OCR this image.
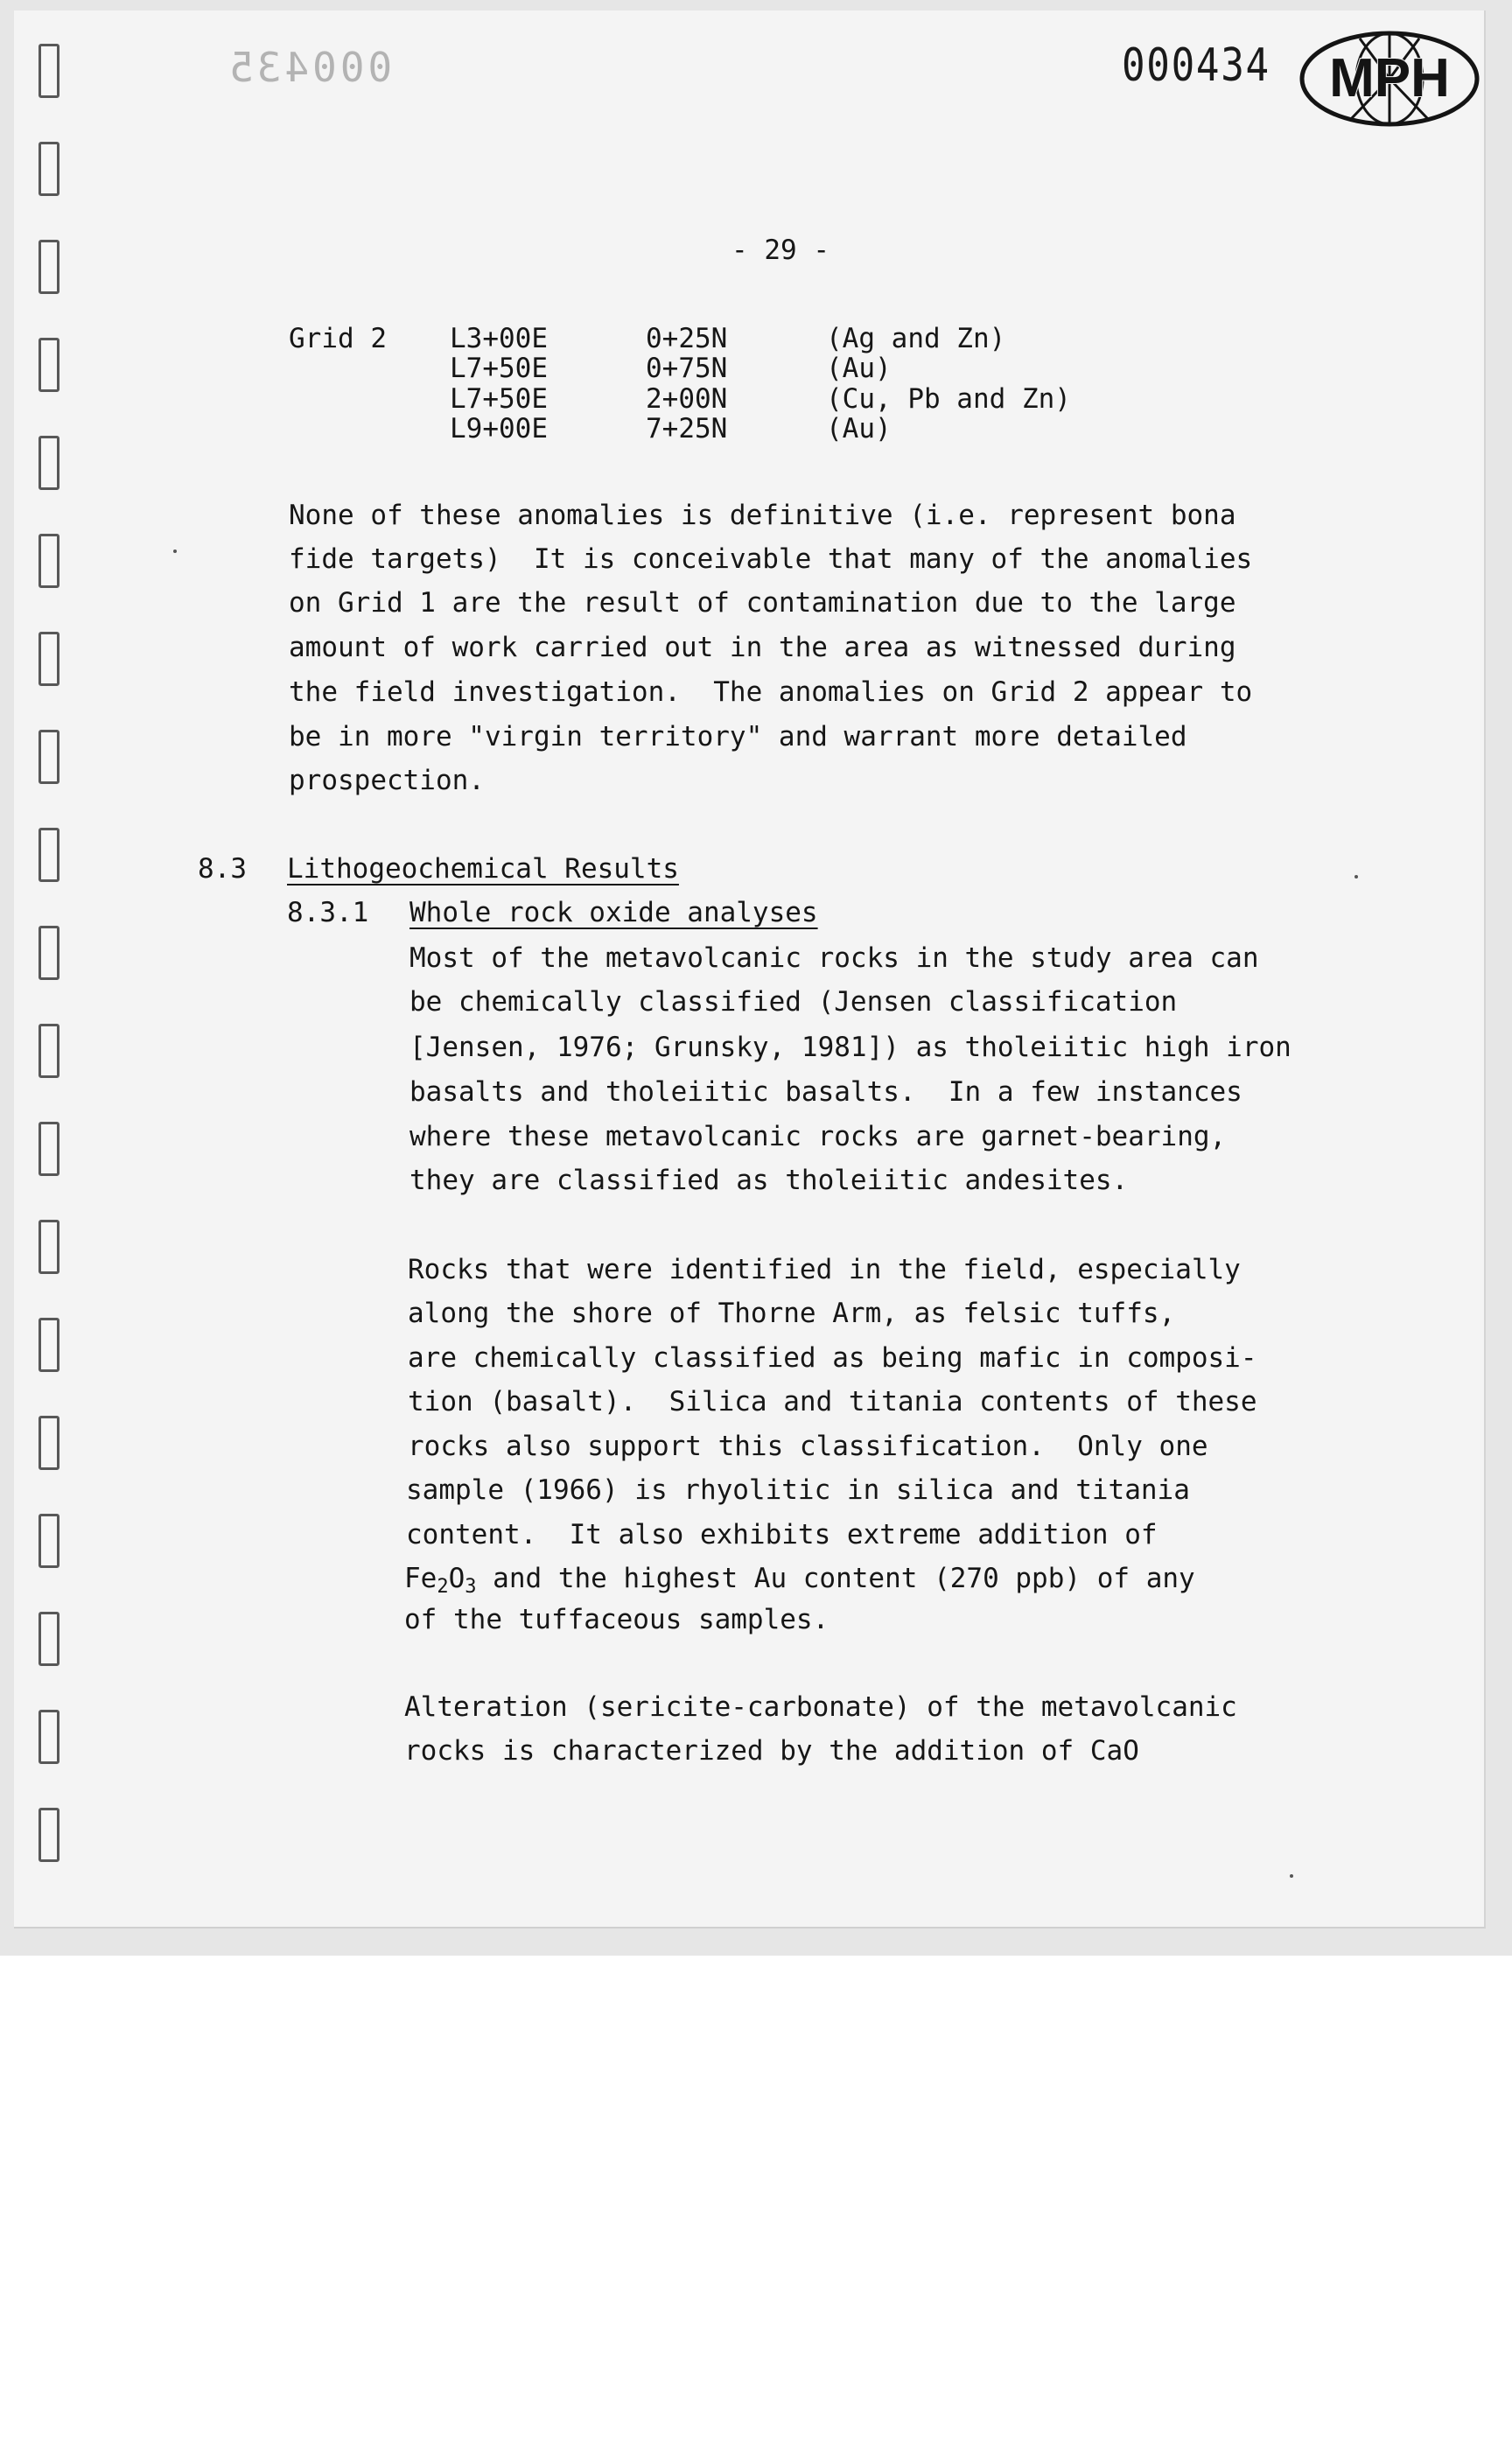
000435	000434 MPH
- 29 -
Grid 2 L3+00E	0+25N	(Ag and Zn)
L7+50E	0+75N	(Au)
L7+50E	2+00N	(Cu, Pb and Zn)
L9+00E	7+25N	(Au)
None of these anomalies is definitive (i.e. represent bona
fide targets)  It is conceivable that many of the anomalies
on Grid 1 are the result of contamination due to the large
amount of work carried out in the area as witnessed during
the field investigation.  The anomalies on Grid 2 appear to
be in more "virgin territory" and warrant more detailed
prospection.
8.3 Lithogeochemical Results
8.3.1 Whole rock oxide analyses
Most of the metavolcanic rocks in the study area can
be chemically classified (Jensen classification
[Jensen, 1976; Grunsky, 1981]) as tholeiitic high iron
basalts and tholeiitic basalts.  In a few instances
where these metavolcanic rocks are garnet-bearing,
they are classified as tholeiitic andesites.
Rocks that were identified in the field, especially
along the shore of Thorne Arm, as felsic tuffs,
are chemically classified as being mafic in composi-
tion (basalt).  Silica and titania contents of these
rocks also support this classification.  Only one
sample (1966) is rhyolitic in silica and titania
content.  It also exhibits extreme addition of
$Fe_2O_3$ and the highest Au content (270 ppb) of any
of the tuffaceous samples.
Alteration (sericite-carbonate) of the metavolcanic
rocks is characterized by the addition of CaO
